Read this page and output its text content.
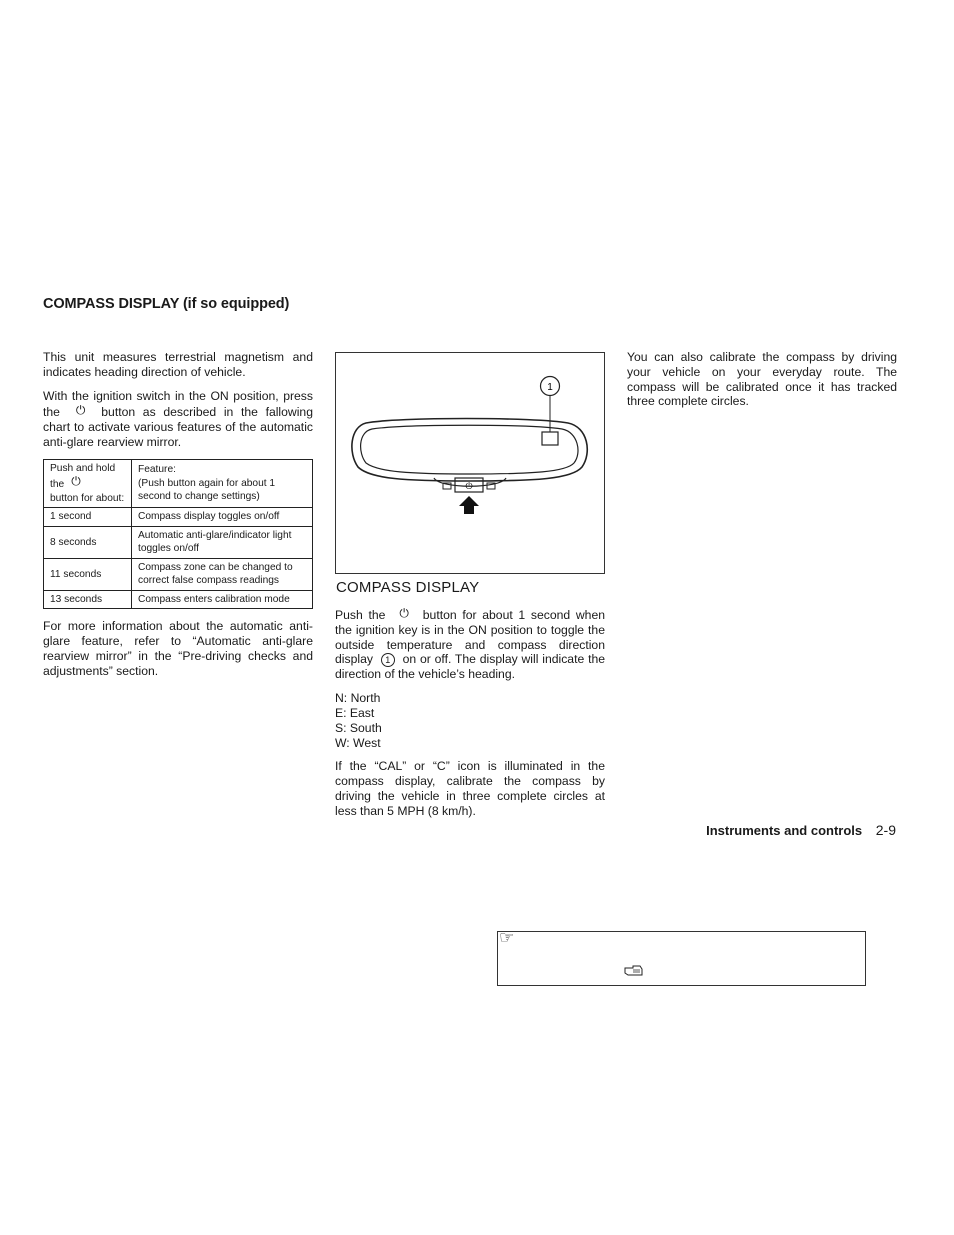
COMPASS DISPLAY (if so equipped)

This unit measures terrestrial magnetism and indicates heading direction of vehicle.

With the ignition switch in the ON position, press the ⏻ button as described in the fallowing chart to activate various features of the automatic anti-glare rearview mirror.

Push and hold the ⏻
button for about:	Feature:
(Push button again for about 1 second to change settings)
1 second	Compass display toggles on/off
8 seconds	Automatic anti-glare/indicator light toggles on/off
11 seconds	Compass zone can be changed to correct false compass readings
13 seconds	Compass enters calibration mode

For more information about the automatic anti-glare feature, refer to “Automatic anti-glare rearview mirror” in the “Pre-driving checks and adjustments” section.

1
⏻
COMPASS DISPLAY

Push the ⏻ button for about 1 second when the ignition key is in the ON position to toggle the outside temperature and compass direction display 1 on or off. The display will indicate the direction of the vehicle’s heading.

N: North
E: East
S: South
W: West

If the “CAL” or “C” icon is illuminated in the compass display, calibrate the compass by driving the vehicle in three complete circles at less than 5 MPH (8 km/h).

You can also calibrate the compass by driving your vehicle on your everyday route. The compass will be calibrated once it has tracked three complete circles.

Instruments and controls 2-9
☞
